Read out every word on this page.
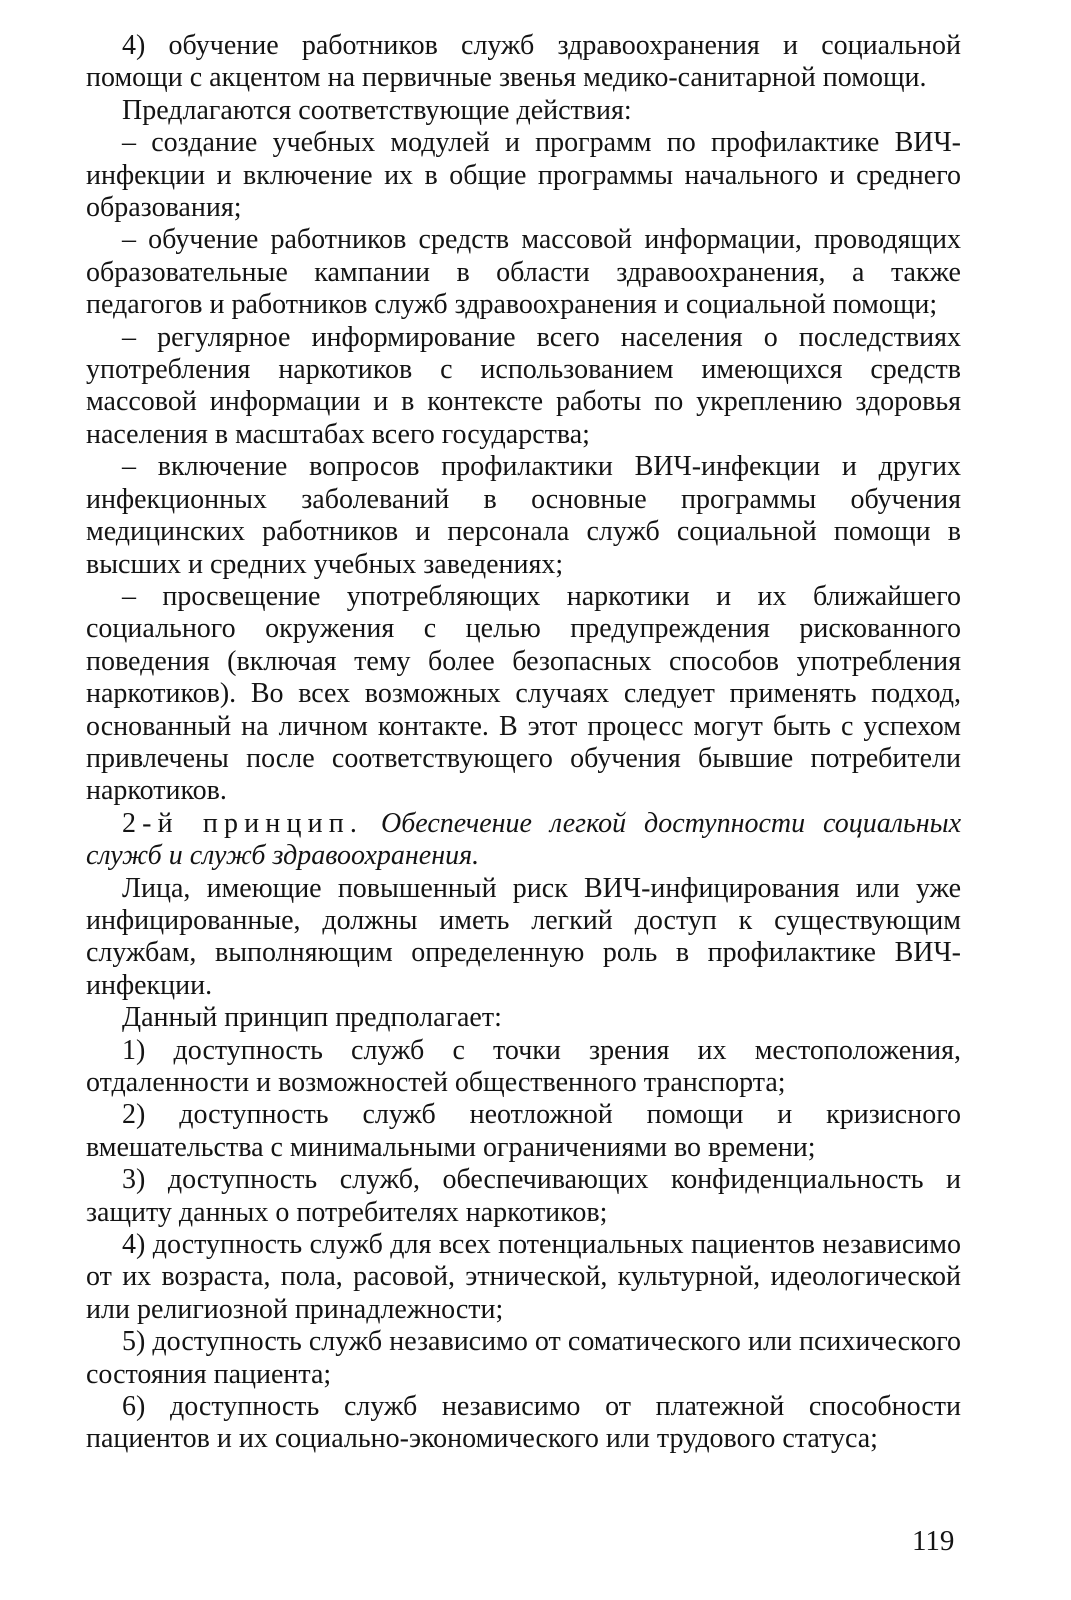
4) обучение работников служб здравоохранения и социальной помощи с акцентом на первичные звенья медико-санитарной помощи.

Предлагаются соответствующие действия:

– создание учебных модулей и программ по профилактике ВИЧ-инфекции и включение их в общие программы начального и среднего образования;

– обучение работников средств массовой информации, проводящих образовательные кампании в области здравоохранения, а также педагогов и работников служб здравоохранения и социальной помощи;

– регулярное информирование всего населения о последствиях употребления наркотиков с использованием имеющихся средств массовой информации и в контексте работы по укреплению здоровья населения в масштабах всего государства;

– включение вопросов профилактики ВИЧ-инфекции и других инфекционных заболеваний в основные программы обучения медицинских работников и персонала служб социальной помощи в высших и средних учебных заведениях;

– просвещение употребляющих наркотики и их ближайшего социального окружения с целью предупреждения рискованного поведения (включая тему более безопасных способов употребления наркотиков). Во всех возможных случаях следует применять подход, основанный на личном контакте. В этот процесс могут быть с успехом привлечены после соответствующего обучения бывшие потребители наркотиков.

2-й принцип. Обеспечение легкой доступности социальных служб и служб здравоохранения.

Лица, имеющие повышенный риск ВИЧ-инфицирования или уже инфицированные, должны иметь легкий доступ к существующим службам, выполняющим определенную роль в профилактике ВИЧ-инфекции.

Данный принцип предполагает:

1) доступность служб с точки зрения их местоположения, отдаленности и возможностей общественного транспорта;

2) доступность служб неотложной помощи и кризисного вмешательства с минимальными ограничениями во времени;

3) доступность служб, обеспечивающих конфиденциальность и защиту данных о потребителях наркотиков;

4) доступность служб для всех потенциальных пациентов независимо от их возраста, пола, расовой, этнической, культурной, идеологической или религиозной принадлежности;

5) доступность служб независимо от соматического или психического состояния пациента;

6) доступность служб независимо от платежной способности пациентов и их социально-экономического или трудового статуса;

119
